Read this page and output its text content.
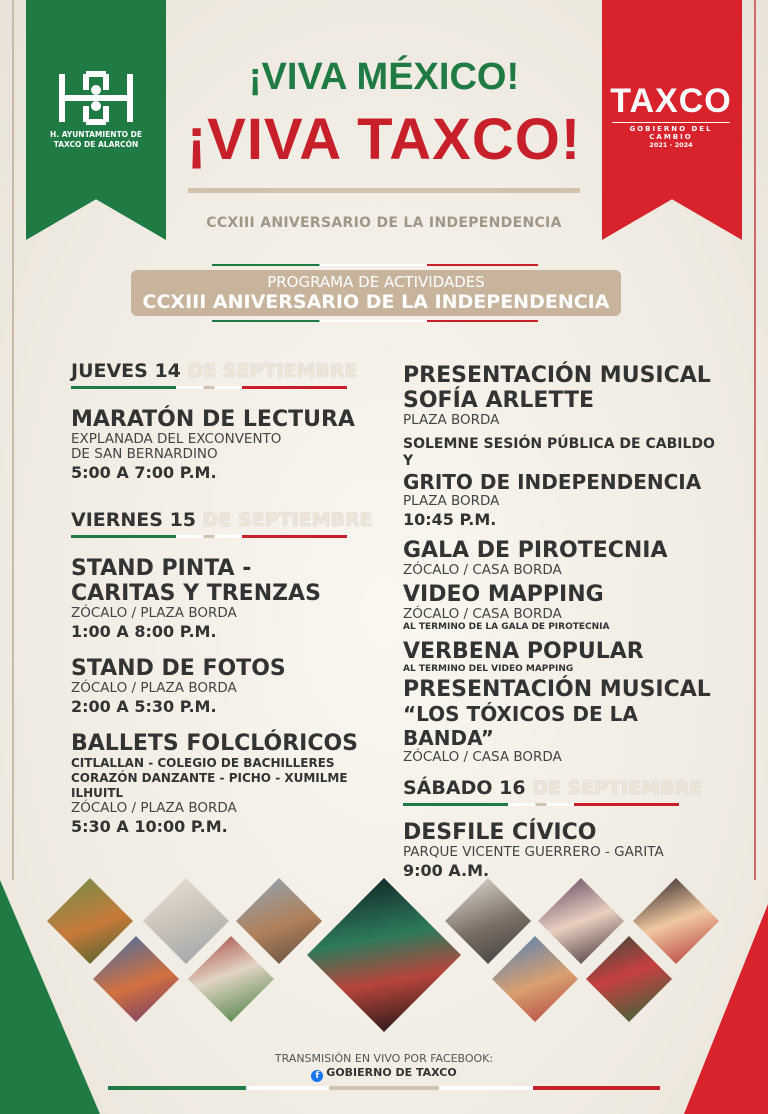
H. AYUNTAMIENTO DE
TAXCO DE ALARCÓN
TAXCO
GOBIERNO DEL CAMBIO
2021 - 2024
¡VIVA MÉXICO!
¡VIVA TAXCO!
CCXIII ANIVERSARIO DE LA INDEPENDENCIA
PROGRAMA DE ACTIVIDADES
CCXIII ANIVERSARIO DE LA INDEPENDENCIA
JUEVES 14 DE SEPTIEMBRE
MARATÓN DE LECTURA
EXPLANADA DEL EXCONVENTO
DE SAN BERNARDINO
5:00 A 7:00 P.M.
VIERNES 15 DE SEPTIEMBRE
STAND PINTA -
CARITAS Y TRENZAS
ZÓCALO / PLAZA BORDA
1:00 A 8:00 P.M.
STAND DE FOTOS
ZÓCALO / PLAZA BORDA
2:00 A 5:30 P.M.
BALLETS FOLCLÓRICOS
CITLALLAN - COLEGIO DE BACHILLERES
CORAZÓN DANZANTE - PICHO - XUMILME ILHUITL
ZÓCALO / PLAZA BORDA
5:30 A 10:00 P.M.
PRESENTACIÓN MUSICAL
SOFÍA ARLETTE
PLAZA BORDA
SOLEMNE SESIÓN PÚBLICA DE CABILDO Y
GRITO DE INDEPENDENCIA
PLAZA BORDA
10:45 P.M.
GALA DE PIROTECNIA
ZÓCALO / CASA BORDA
VIDEO MAPPING
ZÓCALO / CASA BORDA
AL TERMINO DE LA GALA DE PIROTECNIA
VERBENA POPULAR
AL TERMINO DEL VIDEO MAPPING
PRESENTACIÓN MUSICAL
“LOS TÓXICOS DE LA BANDA”
ZÓCALO / CASA BORDA
SÁBADO 16 DE SEPTIEMBRE
DESFILE CÍVICO
PARQUE VICENTE GUERRERO - GARITA
9:00 A.M.
TRANSMISIÓN EN VIVO POR FACEBOOK:
f GOBIERNO DE TAXCO
